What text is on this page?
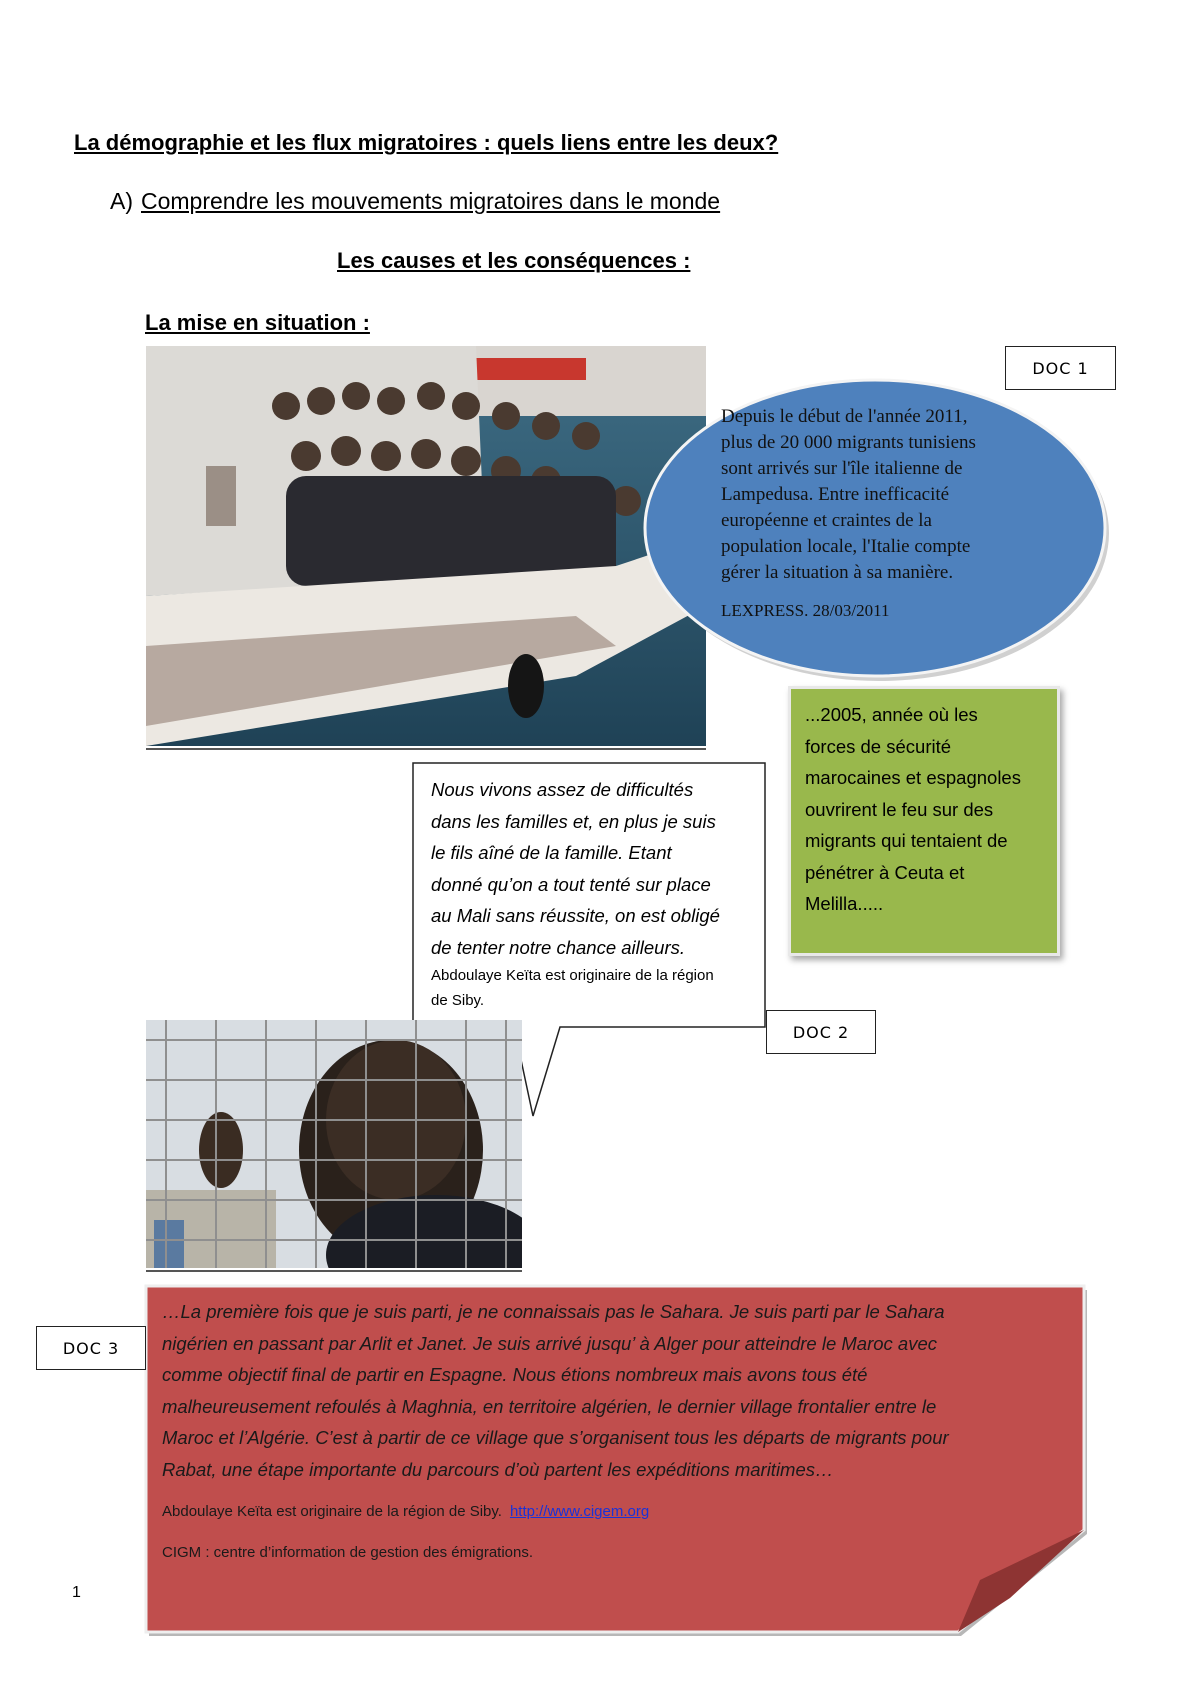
La démographie et les flux migratoires : quels liens entre les deux?
A) Comprendre les mouvements migratoires dans le monde
Les causes et les conséquences :
La mise en situation :
Depuis le début de l'année 2011,
plus de 20 000 migrants tunisiens
sont arrivés sur l'île italienne de
Lampedusa. Entre inefficacité
européenne et craintes de la
population locale, l'Italie compte
gérer la situation à sa manière.
LEXPRESS. 28/03/2011
DOC 1
...2005, année où les
forces de sécurité
marocaines et espagnoles
ouvrirent le feu sur des
migrants qui tentaient de
pénétrer à Ceuta et
Melilla.....
Nous vivons assez de difficultés
dans les familles et, en plus je suis
le fils aîné de la famille. Etant
donné qu’on a tout tenté sur place
au Mali sans réussite, on est obligé
de tenter notre chance ailleurs.
Abdoulaye Keïta est originaire de la région
de Siby.
DOC 2
…La première fois que je suis parti, je ne connaissais pas le Sahara. Je suis parti par le Sahara
nigérien en passant par Arlit et Janet. Je suis arrivé jusqu’ à Alger pour atteindre le Maroc avec
comme objectif final de partir en Espagne. Nous étions nombreux mais avons tous été
malheureusement refoulés à Maghnia, en territoire algérien, le dernier village frontalier entre le
Maroc et l’Algérie. C’est à partir de ce village que s’organisent tous les départs de migrants pour
Rabat, une étape importante du parcours d’où partent les expéditions maritimes…
Abdoulaye Keïta est originaire de la région de Siby. http://www.cigem.org
CIGM : centre d’information de gestion des émigrations.
DOC 3
1
